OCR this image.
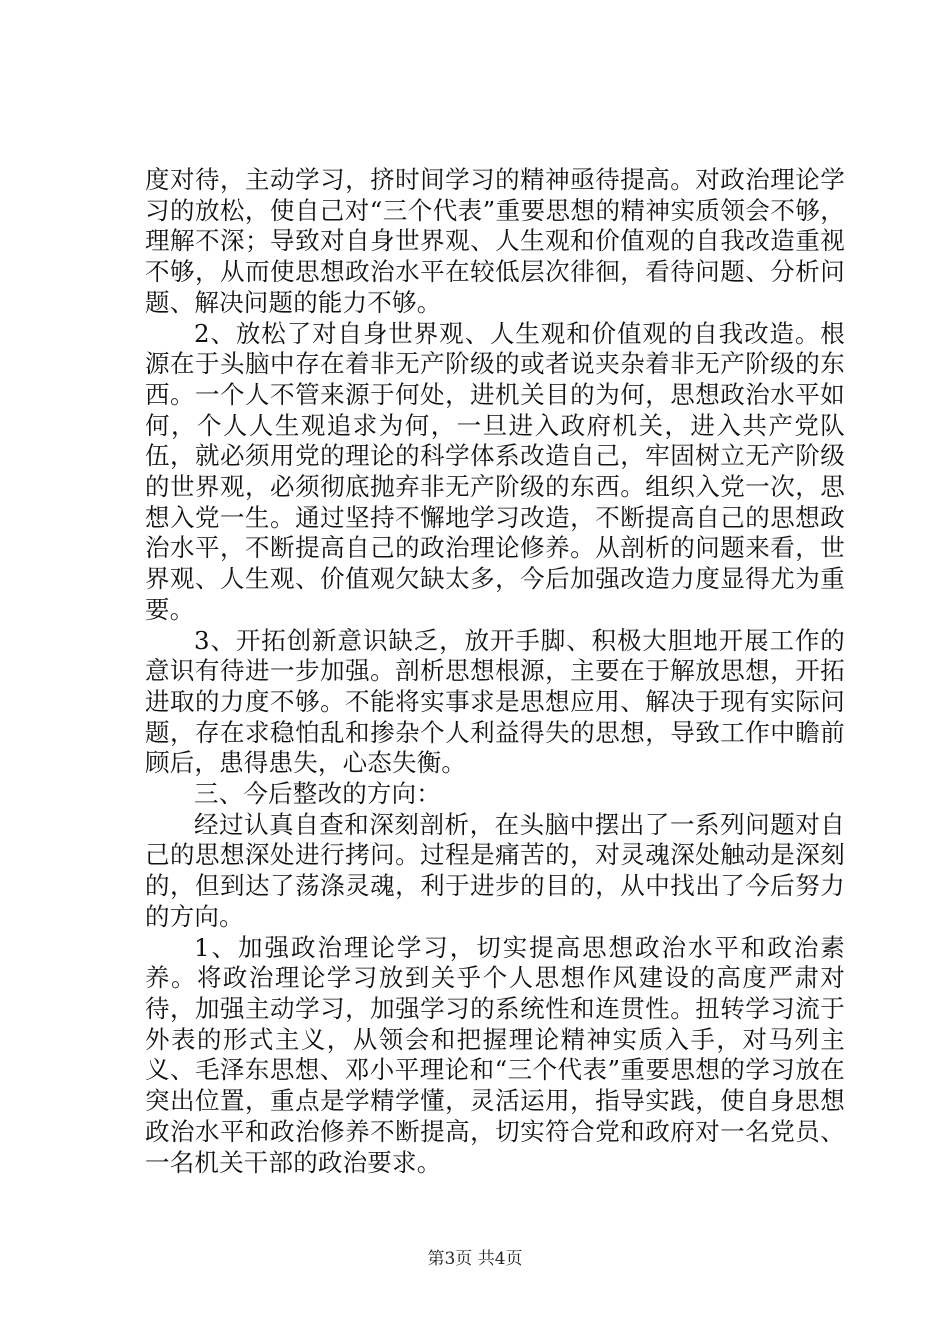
度对待，主动学习，挤时间学习的精神亟待提高。对政治理论学习的放松，使自己对“三个代表”重要思想的精神实质领会不够，理解不深；导致对自身世界观、人生观和价值观的自我改造重视不够，从而使思想政治水平在较低层次徘徊，看待问题、分析问题、解决问题的能力不够。

2、放松了对自身世界观、人生观和价值观的自我改造。根源在于头脑中存在着非无产阶级的或者说夹杂着非无产阶级的东西。一个人不管来源于何处，进机关目的为何，思想政治水平如何，个人人生观追求为何，一旦进入政府机关，进入共产党队伍，就必须用党的理论的科学体系改造自己，牢固树立无产阶级的世界观，必须彻底抛弃非无产阶级的东西。组织入党一次，思想入党一生。通过坚持不懈地学习改造，不断提高自己的思想政治水平，不断提高自己的政治理论修养。从剖析的问题来看，世界观、人生观、价值观欠缺太多，今后加强改造力度显得尤为重要。

3、开拓创新意识缺乏，放开手脚、积极大胆地开展工作的意识有待进一步加强。剖析思想根源，主要在于解放思想，开拓进取的力度不够。不能将实事求是思想应用、解决于现有实际问题，存在求稳怕乱和掺杂个人利益得失的思想，导致工作中瞻前顾后，患得患失，心态失衡。

三、今后整改的方向：

经过认真自查和深刻剖析，在头脑中摆出了一系列问题对自己的思想深处进行拷问。过程是痛苦的，对灵魂深处触动是深刻的，但到达了荡涤灵魂，利于进步的目的，从中找出了今后努力的方向。

1、加强政治理论学习，切实提高思想政治水平和政治素养。将政治理论学习放到关乎个人思想作风建设的高度严肃对待，加强主动学习，加强学习的系统性和连贯性。扭转学习流于外表的形式主义，从领会和把握理论精神实质入手，对马列主义、毛泽东思想、邓小平理论和“三个代表”重要思想的学习放在突出位置，重点是学精学懂，灵活运用，指导实践，使自身思想政治水平和政治修养不断提高，切实符合党和政府对一名党员、一名机关干部的政治要求。

第3页 共4页
